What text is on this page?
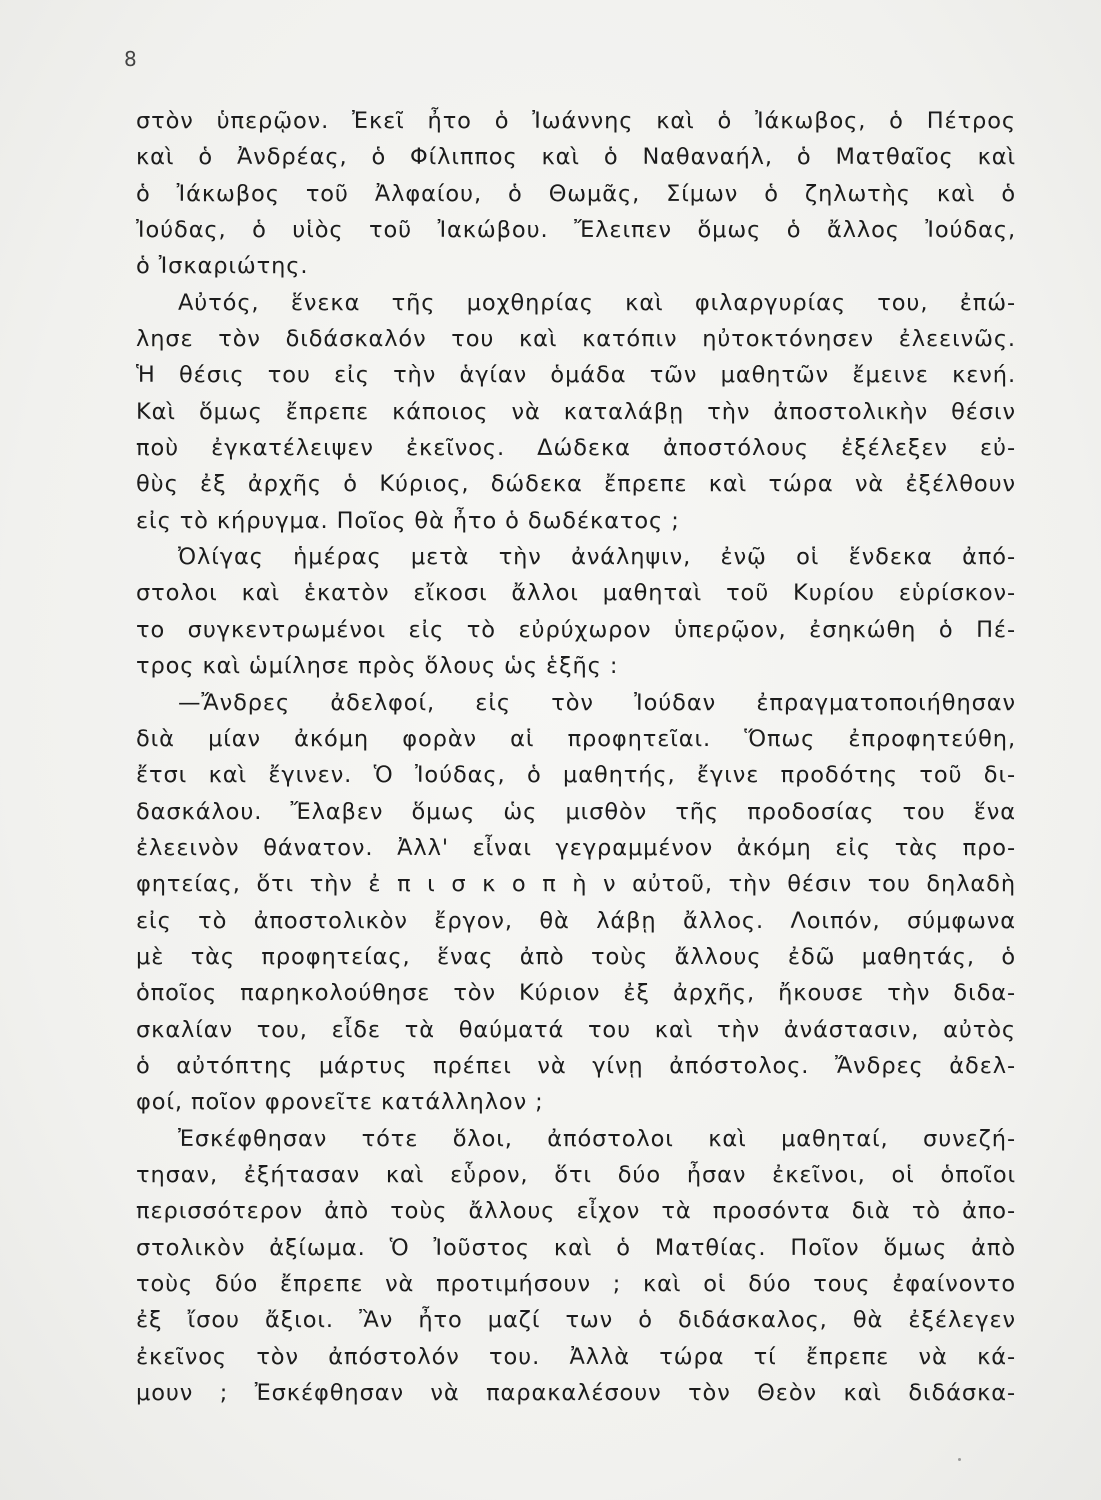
8
στὸν ὑπερῷον. Ἐκεῖ ἦτο ὁ Ἰωάννης καὶ ὁ Ἰάκωβος, ὁ Πέτρος
καὶ ὁ Ἀνδρέας, ὁ Φίλιππος καὶ ὁ Ναθαναήλ, ὁ Ματθαῖος καὶ
ὁ Ἰάκωβος τοῦ Ἀλφαίου, ὁ Θωμᾶς, Σίμων ὁ ζηλωτὴς καὶ ὁ
Ἰούδας, ὁ υἱὸς τοῦ Ἰακώβου. Ἔλειπεν ὅμως ὁ ἄλλος Ἰούδας,
ὁ Ἰσκαριώτης.
Αὐτός, ἕνεκα τῆς μοχθηρίας καὶ φιλαργυρίας του, ἐπώ-
λησε τὸν διδάσκαλόν του καὶ κατόπιν ηὐτοκτόνησεν ἐλεεινῶς.
Ἡ θέσις του εἰς τὴν ἁγίαν ὁμάδα τῶν μαθητῶν ἔμεινε κενή.
Καὶ ὅμως ἔπρεπε κάποιος νὰ καταλάβῃ τὴν ἀποστολικὴν θέσιν
ποὺ ἐγκατέλειψεν ἐκεῖνος. Δώδεκα ἀποστόλους ἐξέλεξεν εὐ-
θὺς ἐξ ἀρχῆς ὁ Κύριος, δώδεκα ἔπρεπε καὶ τώρα νὰ ἐξέλθουν
εἰς τὸ κήρυγμα. Ποῖος θὰ ἦτο ὁ δωδέκατος ;
Ὀλίγας ἡμέρας μετὰ τὴν ἀνάληψιν, ἐνῷ οἱ ἕνδεκα ἀπό-
στολοι καὶ ἑκατὸν εἴκοσι ἄλλοι μαθηταὶ τοῦ Κυρίου εὑρίσκον-
το συγκεντρωμένοι εἰς τὸ εὐρύχωρον ὑπερῷον, ἐσηκώθη ὁ Πέ-
τρος καὶ ὡμίλησε πρὸς ὅλους ὡς ἑξῆς :
—Ἄνδρες ἀδελφοί, εἰς τὸν Ἰούδαν ἐπραγματοποιήθησαν
διὰ μίαν ἀκόμη φορὰν αἱ προφητεῖαι. Ὅπως ἐπροφητεύθη,
ἔτσι καὶ ἔγινεν. Ὁ Ἰούδας, ὁ μαθητής, ἔγινε προδότης τοῦ δι-
δασκάλου. Ἔλαβεν ὅμως ὡς μισθὸν τῆς προδοσίας του ἕνα
ἐλεεινὸν θάνατον. Ἀλλ' εἶναι γεγραμμένον ἀκόμη εἰς τὰς προ-
φητείας, ὅτι τὴν ἐ π ι σ κ ο π ὴ ν αὐτοῦ, τὴν θέσιν του δηλαδὴ
εἰς τὸ ἀποστολικὸν ἔργον, θὰ λάβῃ ἄλλος. Λοιπόν, σύμφωνα
μὲ τὰς προφητείας, ἕνας ἀπὸ τοὺς ἄλλους ἐδῶ μαθητάς, ὁ
ὁποῖος παρηκολούθησε τὸν Κύριον ἐξ ἀρχῆς, ἤκουσε τὴν διδα-
σκαλίαν του, εἶδε τὰ θαύματά του καὶ τὴν ἀνάστασιν, αὐτὸς
ὁ αὐτόπτης μάρτυς πρέπει νὰ γίνῃ ἀπόστολος. Ἄνδρες ἀδελ-
φοί, ποῖον φρονεῖτε κατάλληλον ;
Ἐσκέφθησαν τότε ὅλοι, ἀπόστολοι καὶ μαθηταί, συνεζή-
τησαν, ἐξήτασαν καὶ εὗρον, ὅτι δύο ἦσαν ἐκεῖνοι, οἱ ὁποῖοι
περισσότερον ἀπὸ τοὺς ἄλλους εἶχον τὰ προσόντα διὰ τὸ ἀπο-
στολικὸν ἀξίωμα. Ὁ Ἰοῦστος καὶ ὁ Ματθίας. Ποῖον ὅμως ἀπὸ
τοὺς δύο ἔπρεπε νὰ προτιμήσουν ; καὶ οἱ δύο τους ἐφαίνοντο
ἐξ ἴσου ἄξιοι. Ἂν ἦτο μαζί των ὁ διδάσκαλος, θὰ ἐξέλεγεν
ἐκεῖνος τὸν ἀπόστολόν του. Ἀλλὰ τώρα τί ἔπρεπε νὰ κά-
μουν ; Ἐσκέφθησαν νὰ παρακαλέσουν τὸν Θεὸν καὶ διδάσκα-
